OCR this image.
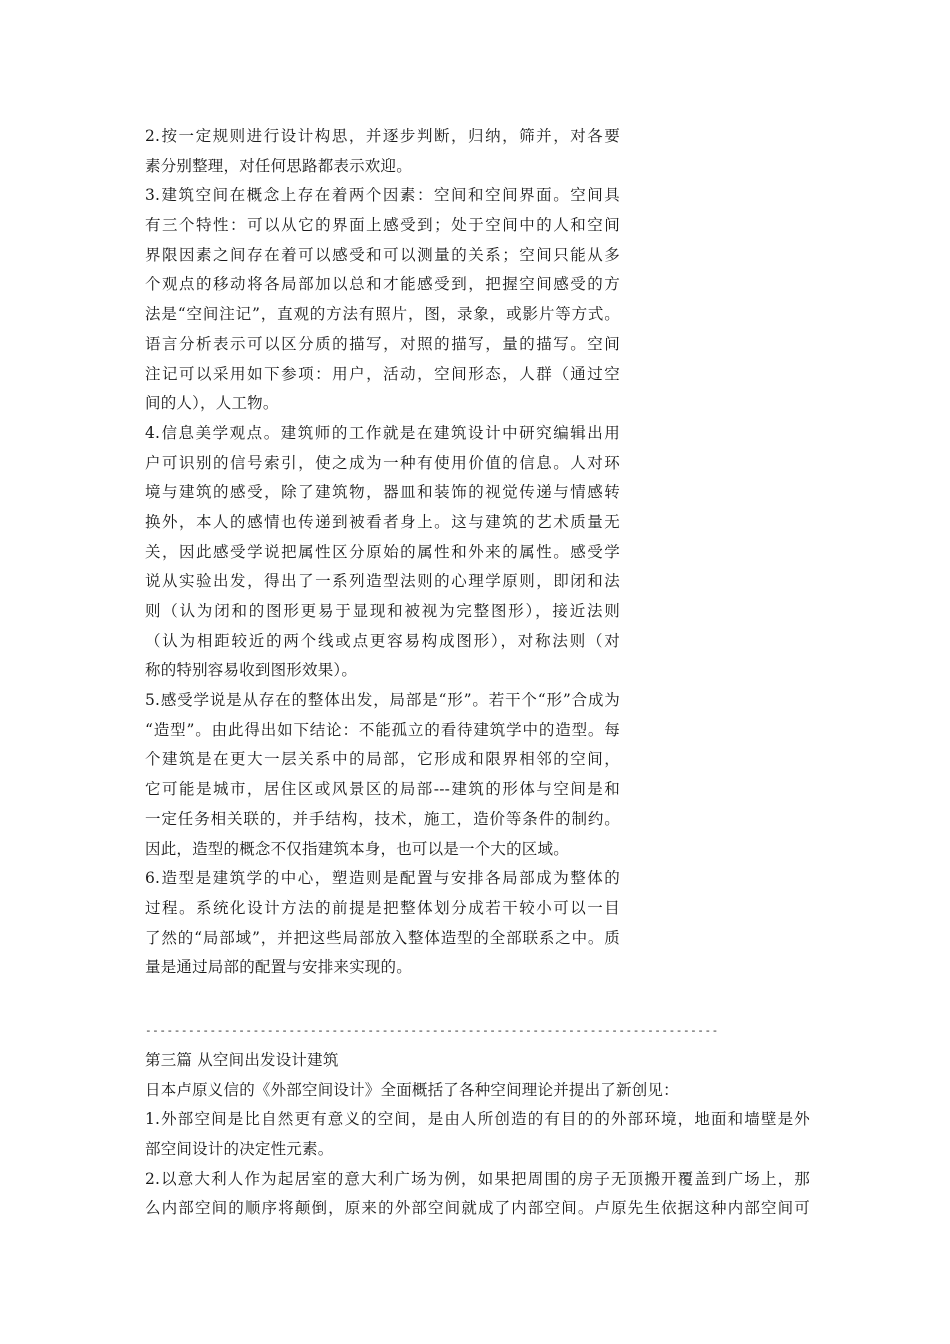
2.按一定规则进行设计构思，并逐步判断，归纳，筛并，对各要
素分别整理，对任何思路都表示欢迎。
3.建筑空间在概念上存在着两个因素：空间和空间界面。空间具
有三个特性：可以从它的界面上感受到；处于空间中的人和空间
界限因素之间存在着可以感受和可以测量的关系；空间只能从多
个观点的移动将各局部加以总和才能感受到，把握空间感受的方
法是“空间注记”，直观的方法有照片，图，录象，或影片等方式。
语言分析表示可以区分质的描写，对照的描写，量的描写。空间
注记可以采用如下参项：用户，活动，空间形态，人群（通过空
间的人），人工物。
4.信息美学观点。建筑师的工作就是在建筑设计中研究编辑出用
户可识别的信号索引，使之成为一种有使用价值的信息。人对环
境与建筑的感受，除了建筑物，器皿和装饰的视觉传递与情感转
换外，本人的感情也传递到被看者身上。这与建筑的艺术质量无
关，因此感受学说把属性区分原始的属性和外来的属性。感受学
说从实验出发，得出了一系列造型法则的心理学原则，即闭和法
则（认为闭和的图形更易于显现和被视为完整图形），接近法则
（认为相距较近的两个线或点更容易构成图形），对称法则（对
称的特别容易收到图形效果）。
5.感受学说是从存在的整体出发，局部是“形”。若干个“形”合成为
“造型”。由此得出如下结论：不能孤立的看待建筑学中的造型。每
个建筑是在更大一层关系中的局部，它形成和限界相邻的空间，
它可能是城市，居住区或风景区的局部---建筑的形体与空间是和
一定任务相关联的，并手结构，技术，施工，造价等条件的制约。
因此，造型的概念不仅指建筑本身，也可以是一个大的区域。
6.造型是建筑学的中心，塑造则是配置与安排各局部成为整体的
过程。系统化设计方法的前提是把整体划分成若干较小可以一目
了然的“局部域”，并把这些局部放入整体造型的全部联系之中。质
量是通过局部的配置与安排来实现的。
--------------------------------------------------------------------------------
第三篇 从空间出发设计建筑
日本卢原义信的《外部空间设计》全面概括了各种空间理论并提出了新创见：
1.外部空间是比自然更有意义的空间，是由人所创造的有目的的外部环境，地面和墙壁是外
部空间设计的决定性元素。
2.以意大利人作为起居室的意大利广场为例，如果把周围的房子无顶搬开覆盖到广场上，那
么内部空间的顺序将颠倒，原来的外部空间就成了内部空间。卢原先生依据这种内部空间可
